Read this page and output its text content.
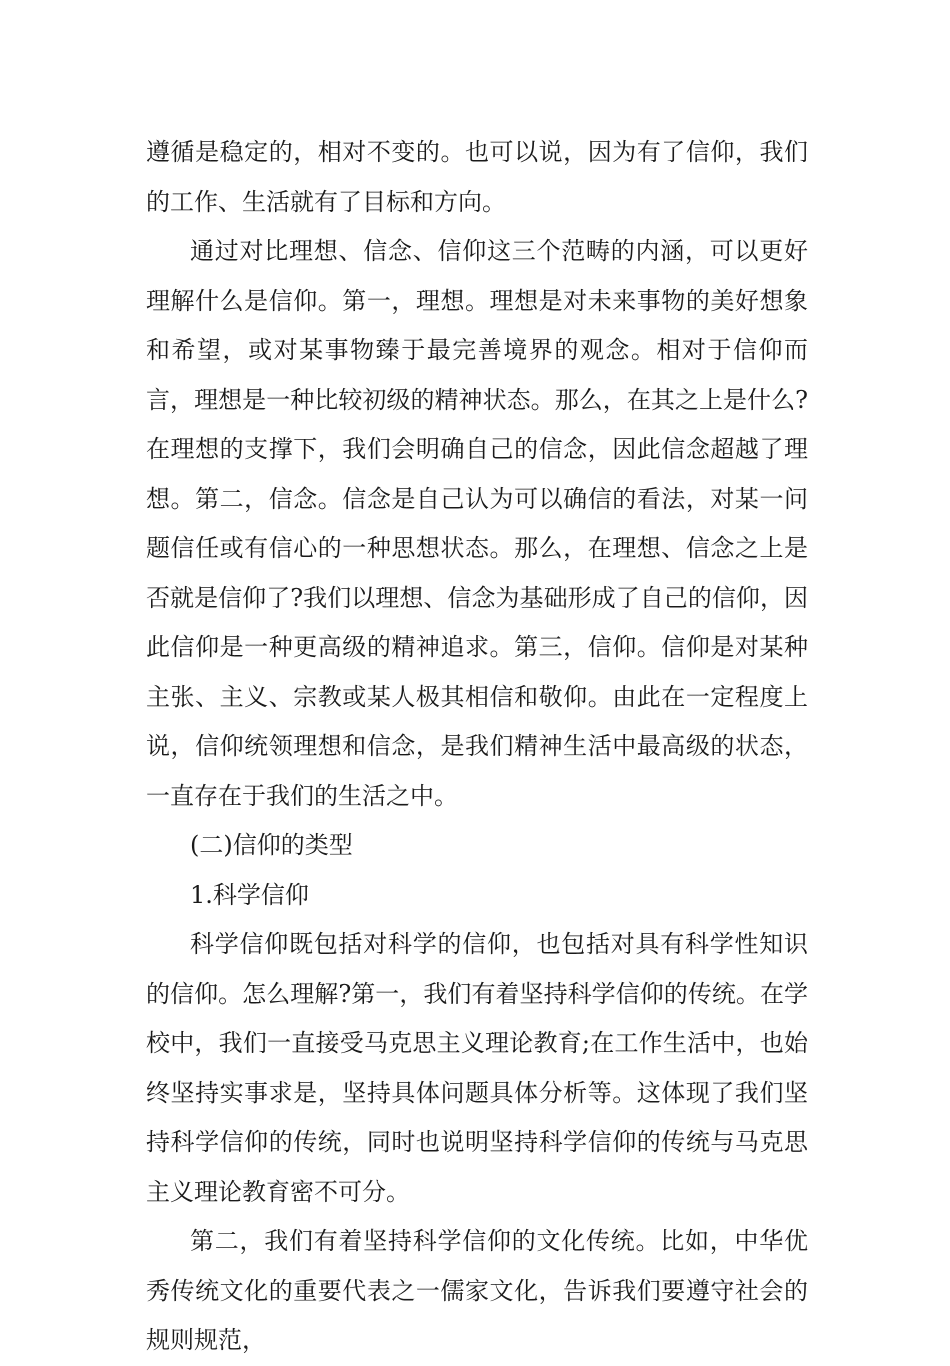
遵循是稳定的，相对不变的。也可以说，因为有了信仰，我们的工作、生活就有了目标和方向。

通过对比理想、信念、信仰这三个范畴的内涵，可以更好理解什么是信仰。第一，理想。理想是对未来事物的美好想象和希望，或对某事物臻于最完善境界的观念。相对于信仰而言，理想是一种比较初级的精神状态。那么，在其之上是什么?在理想的支撑下，我们会明确自己的信念，因此信念超越了理想。第二，信念。信念是自己认为可以确信的看法，对某一问题信任或有信心的一种思想状态。那么，在理想、信念之上是否就是信仰了?我们以理想、信念为基础形成了自己的信仰，因此信仰是一种更高级的精神追求。第三，信仰。信仰是对某种主张、主义、宗教或某人极其相信和敬仰。由此在一定程度上说，信仰统领理想和信念，是我们精神生活中最高级的状态，一直存在于我们的生活之中。

(二)信仰的类型

1.科学信仰

科学信仰既包括对科学的信仰，也包括对具有科学性知识的信仰。怎么理解?第一，我们有着坚持科学信仰的传统。在学校中，我们一直接受马克思主义理论教育;在工作生活中，也始终坚持实事求是，坚持具体问题具体分析等。这体现了我们坚持科学信仰的传统，同时也说明坚持科学信仰的传统与马克思主义理论教育密不可分。

第二，我们有着坚持科学信仰的文化传统。比如，中华优秀传统文化的重要代表之一儒家文化，告诉我们要遵守社会的规则规范，
